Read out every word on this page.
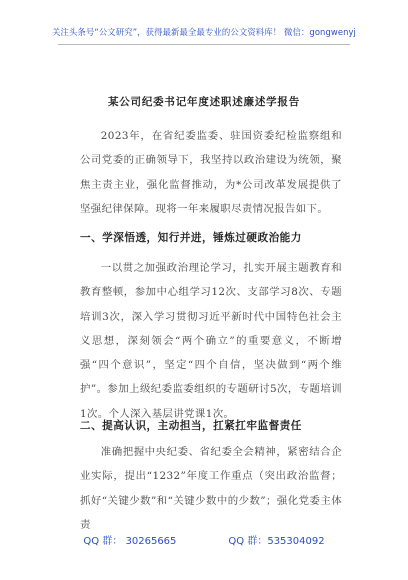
关注头条号“公文研究”，获得最新最全最专业的公文资料库！ 微信：gongwenyj
某公司纪委书记年度述职述廉述学报告

2023年，在省纪委监委、驻国资委纪检监察组和公司党委的正确领导下，我坚持以政治建设为统领，聚焦主责主业，强化监督推动，为*公司改革发展提供了坚强纪律保障。现将一年来履职尽责情况报告如下。

一、学深悟透，知行并进，锤炼过硬政治能力

一以贯之加强政治理论学习，扎实开展主题教育和教育整顿，参加中心组学习12次、支部学习8次、专题培训3次，深入学习贯彻习近平新时代中国特色社会主义思想，深刻领会“两个确立”的重要意义，不断增强“四个意识”，坚定“四个自信，坚决做到“两个维护”。参加上级纪委监委组织的专题研讨5次，专题培训1次。个人深入基层讲党课1次。

二、提高认识，主动担当，扛紧扛牢监督责任

准确把握中央纪委、省纪委全会精神，紧密结合企业实际，提出“1232”年度工作重点（突出政治监督；抓好“关键少数”和“关键少数中的少数”；强化党委主体责

QQ 群： 30265665	QQ 群：535304092
